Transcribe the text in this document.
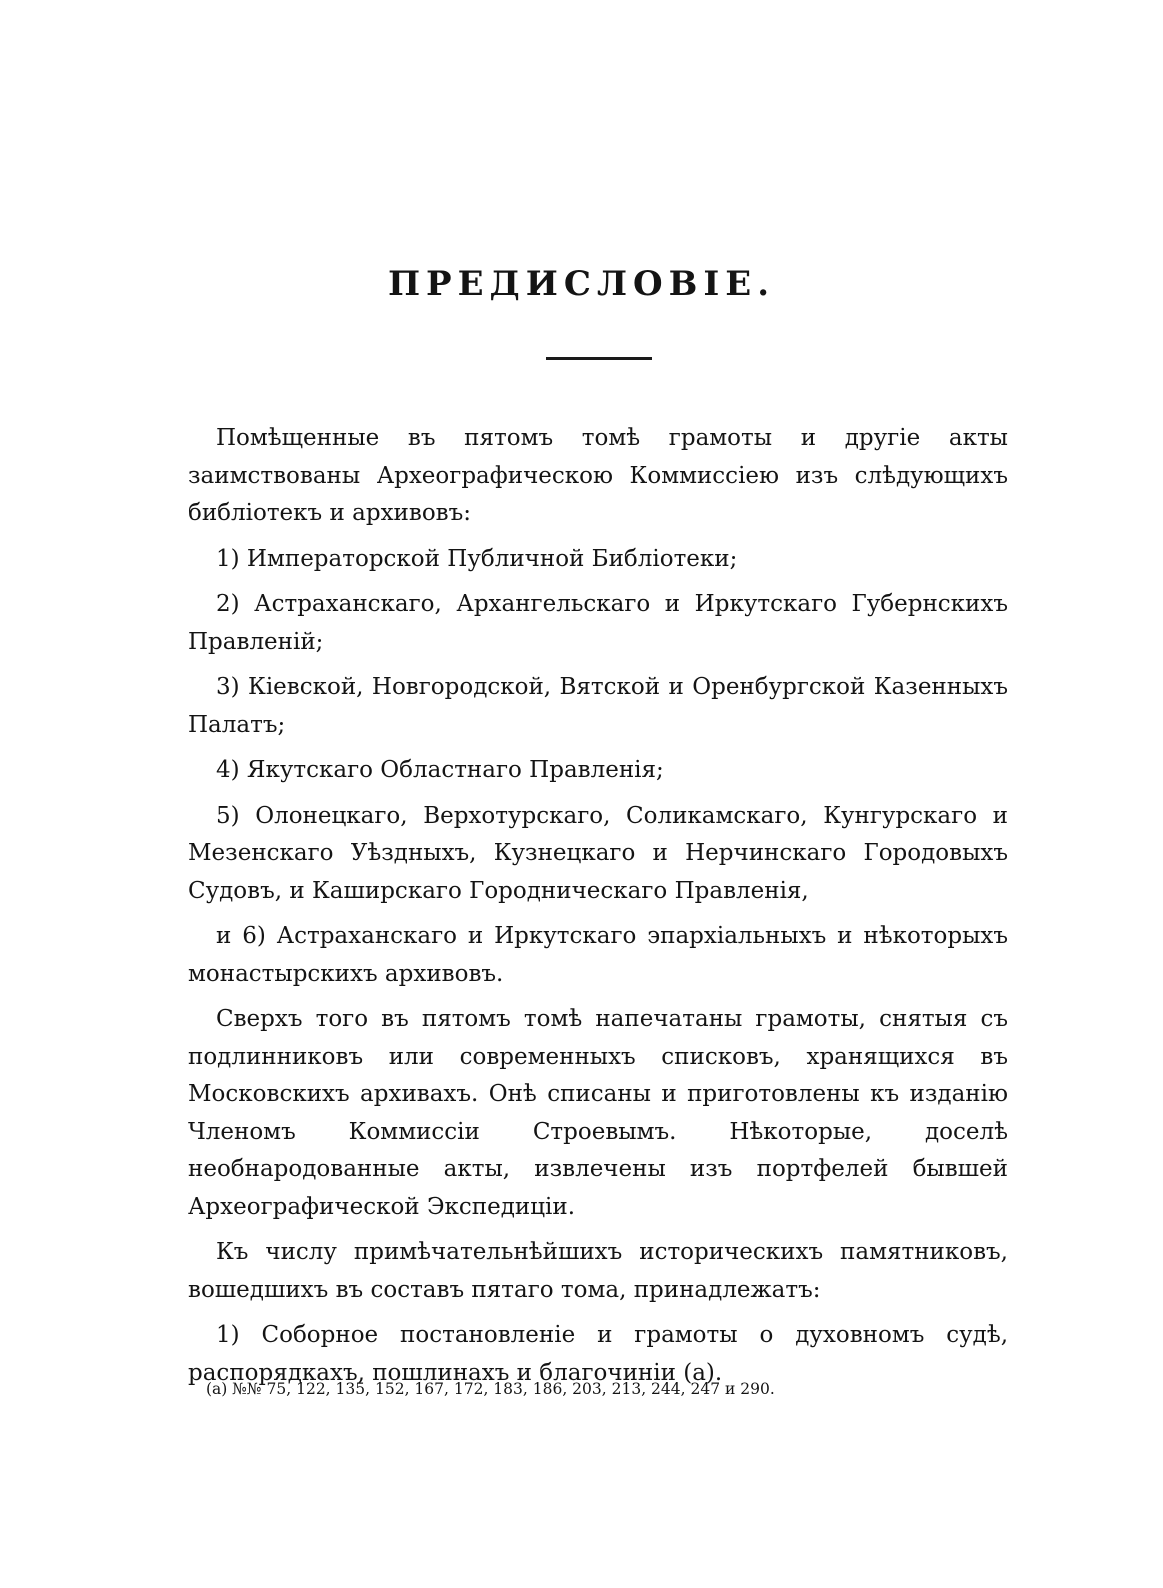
ПРЕДИСЛОВІЕ.

Помѣщенные въ пятомъ томѣ грамоты и другіе акты заимствованы Археографическою Коммиссіею изъ слѣдующихъ библіотекъ и архивовъ:

1) Императорской Публичной Библіотеки;

2) Астраханскаго, Архангельскаго и Иркутскаго Губернскихъ Правленій;

3) Кіевской, Новгородской, Вятской и Оренбургской Казенныхъ Палатъ;

4) Якутскаго Областнаго Правленія;

5) Олонецкаго, Верхотурскаго, Соликамскаго, Кунгурскаго и Мезенскаго Уѣздныхъ, Кузнецкаго и Нерчинскаго Городовыхъ Судовъ, и Каширскаго Городническаго Правленія,

и 6) Астраханскаго и Иркутскаго эпархіальныхъ и нѣкоторыхъ монастырскихъ архивовъ.

Сверхъ того въ пятомъ томѣ напечатаны грамоты, снятыя съ подлинниковъ или современныхъ списковъ, хранящихся въ Московскихъ архивахъ. Онѣ списаны и приготовлены къ изданію Членомъ Коммиссіи Строевымъ. Нѣкоторые, доселѣ необнародованные акты, извлечены изъ портфелей бывшей Археографической Экспедиціи.

Къ числу примѣчательнѣйшихъ историческихъ памятниковъ, вошедшихъ въ составъ пятаго тома, принадлежатъ:

1) Соборное постановленіе и грамоты о духовномъ судѣ, распорядкахъ, пошлинахъ и благочиніи (а).

(а) №№ 75, 122, 135, 152, 167, 172, 183, 186, 203, 213, 244, 247 и 290.
